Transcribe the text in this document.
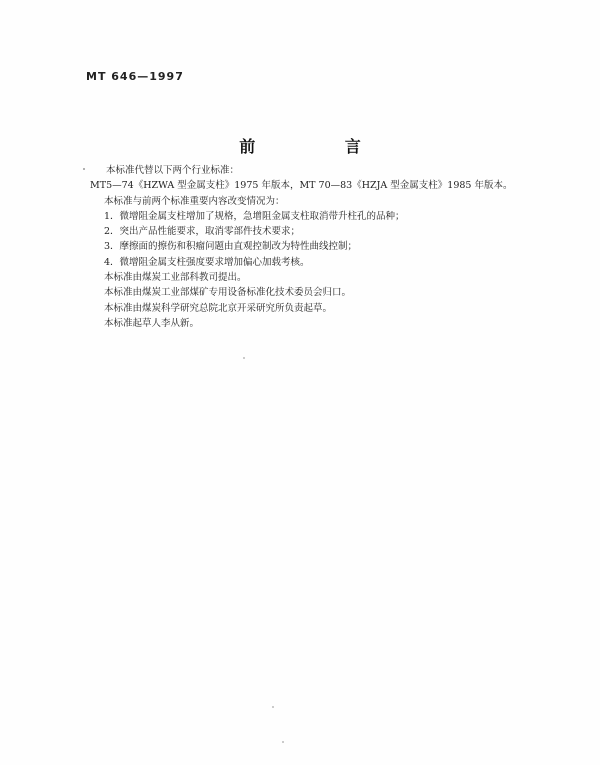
MT 646—1997
前 言
本标准代替以下两个行业标准：
MT5—74《HZWA 型金属支柱》1975 年版本，MT 70—83《HZJA 型金属支柱》1985 年版本。
本标准与前两个标准重要内容改变情况为：
1．微增阻金属支柱增加了规格，急增阻金属支柱取消带升柱孔的品种；
2．突出产品性能要求，取消零部件技术要求；
3．摩擦面的擦伤和积瘤问题由直观控制改为特性曲线控制；
4．微增阻金属支柱强度要求增加偏心加载考核。
本标准由煤炭工业部科教司提出。
本标准由煤炭工业部煤矿专用设备标准化技术委员会归口。
本标准由煤炭科学研究总院北京开采研究所负责起草。
本标准起草人李从新。
